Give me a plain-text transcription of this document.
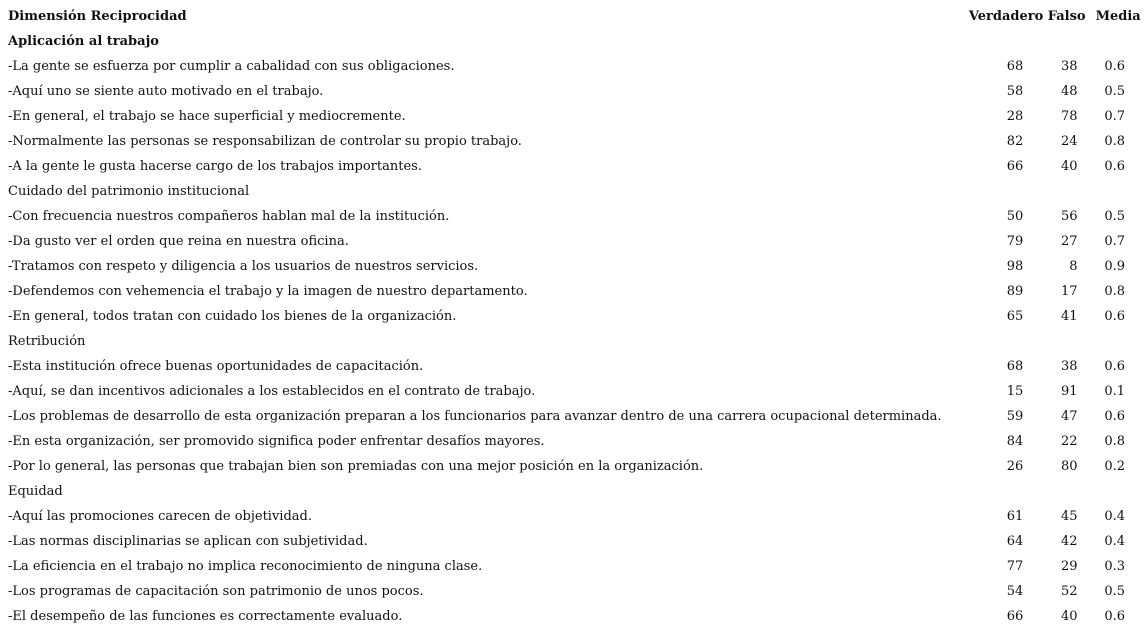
Dimensión Reciprocidad	Verdadero	Falso	Media
Aplicación al trabajo			
-La gente se esfuerza por cumplir a cabalidad con sus obligaciones.	68	38	0.6
-Aquí uno se siente auto motivado en el trabajo.	58	48	0.5
-En general, el trabajo se hace superficial y mediocremente.	28	78	0.7
-Normalmente las personas se responsabilizan de controlar su propio trabajo.	82	24	0.8
-A la gente le gusta hacerse cargo de los trabajos importantes.	66	40	0.6
Cuidado del patrimonio institucional			
-Con frecuencia nuestros compañeros hablan mal de la institución.	50	56	0.5
-Da gusto ver el orden que reina en nuestra oficina.	79	27	0.7
-Tratamos con respeto y diligencia a los usuarios de nuestros servicios.	98	8	0.9
-Defendemos con vehemencia el trabajo y la imagen de nuestro departamento.	89	17	0.8
-En general, todos tratan con cuidado los bienes de la organización.	65	41	0.6
Retribución			
-Esta institución ofrece buenas oportunidades de capacitación.	68	38	0.6
-Aquí, se dan incentivos adicionales a los establecidos en el contrato de trabajo.	15	91	0.1
-Los problemas de desarrollo de esta organización preparan a los funcionarios para avanzar dentro de una carrera ocupacional determinada.	59	47	0.6
-En esta organización, ser promovido significa poder enfrentar desafíos mayores.	84	22	0.8
-Por lo general, las personas que trabajan bien son premiadas con una mejor posición en la organización.	26	80	0.2
Equidad			
-Aquí las promociones carecen de objetividad.	61	45	0.4
-Las normas disciplinarias se aplican con subjetividad.	64	42	0.4
-La eficiencia en el trabajo no implica reconocimiento de ninguna clase.	77	29	0.3
-Los programas de capacitación son patrimonio de unos pocos.	54	52	0.5
-El desempeño de las funciones es correctamente evaluado.	66	40	0.6
